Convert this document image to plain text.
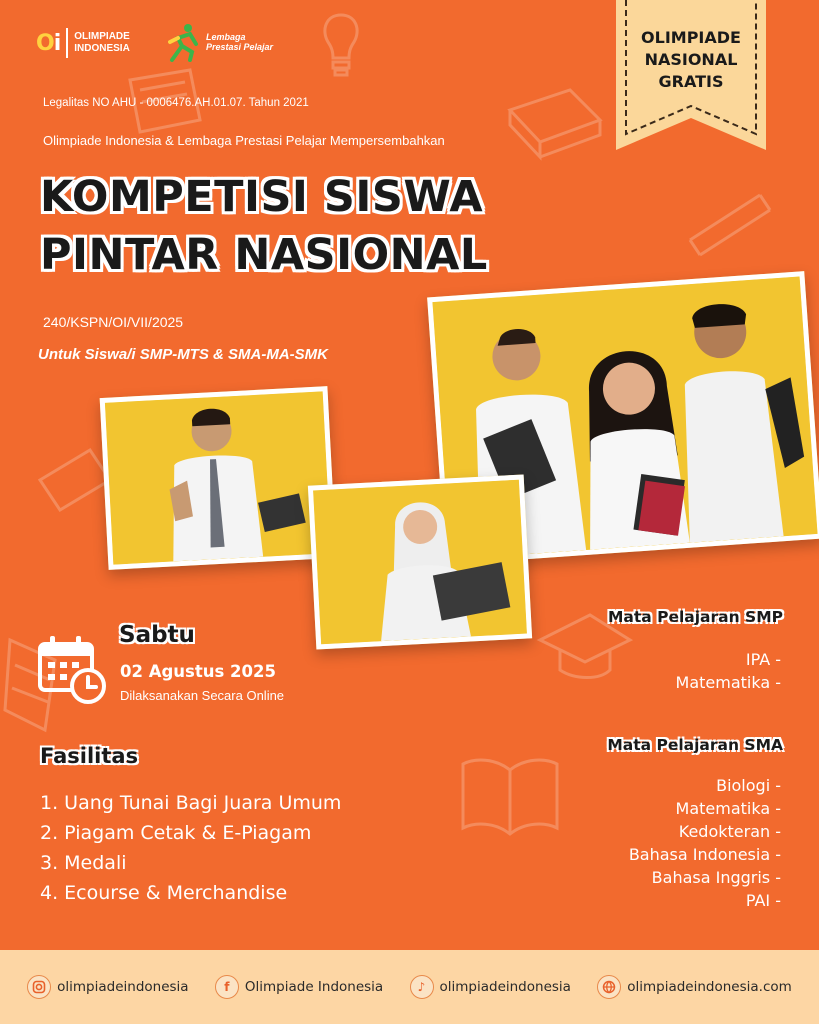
Oi OLIMPIADE
INDONESIA
Lembaga
Prestasi Pelajar
Legalitas NO AHU - 0006476.AH.01.07. Tahun 2021
Olimpiade Indonesia & Lembaga Prestasi Pelajar Mempersembahkan
OLIMPIADE
NASIONAL
GRATIS
KOMPETISI SISWA
PINTAR NASIONAL
240/KSPN/OI/VII/2025
Untuk Siswa/i SMP-MTS & SMA-MA-SMK
Sabtu
02 Agustus 2025
Dilaksanakan Secara Online
Fasilitas
1. Uang Tunai Bagi Juara Umum
2. Piagam Cetak & E-Piagam
3. Medali
4. Ecourse & Merchandise
Mata Pelajaran SMP
IPA -
Matematika -
Mata Pelajaran SMA
Biologi -
Matematika -
Kedokteran -
Bahasa Indonesia -
Bahasa Inggris -
PAI -
olimpiadeindonesia	f	Olimpiade Indonesia	♪	olimpiadeindonesia	olimpiadeindonesia.com
